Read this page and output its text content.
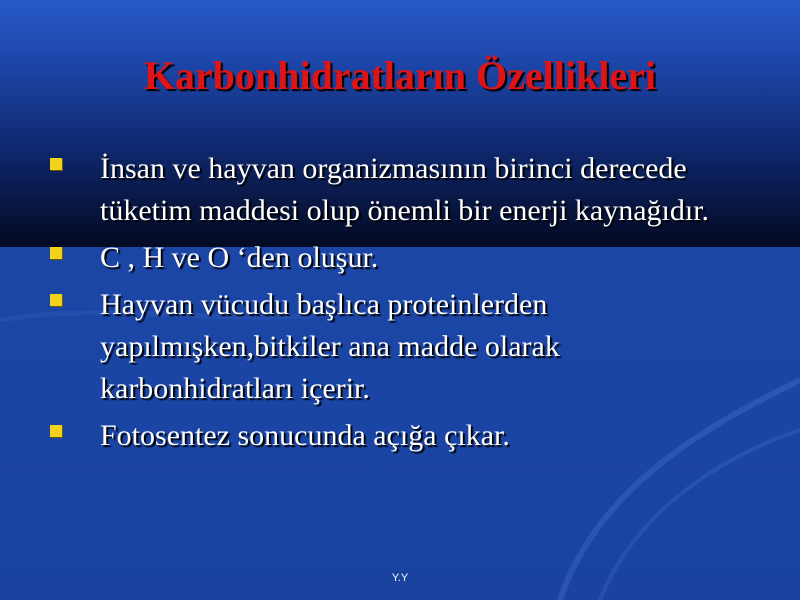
Karbonhidratların Özellikleri
İnsan ve hayvan organizmasının birinci derecede tüketim maddesi olup önemli bir enerji kaynağıdır.
C , H ve O ‘den oluşur.
Hayvan vücudu başlıca proteinlerden yapılmışken,bitkiler ana madde olarak karbonhidratları içerir.
Fotosentez sonucunda açığa çıkar.
Y.Y
